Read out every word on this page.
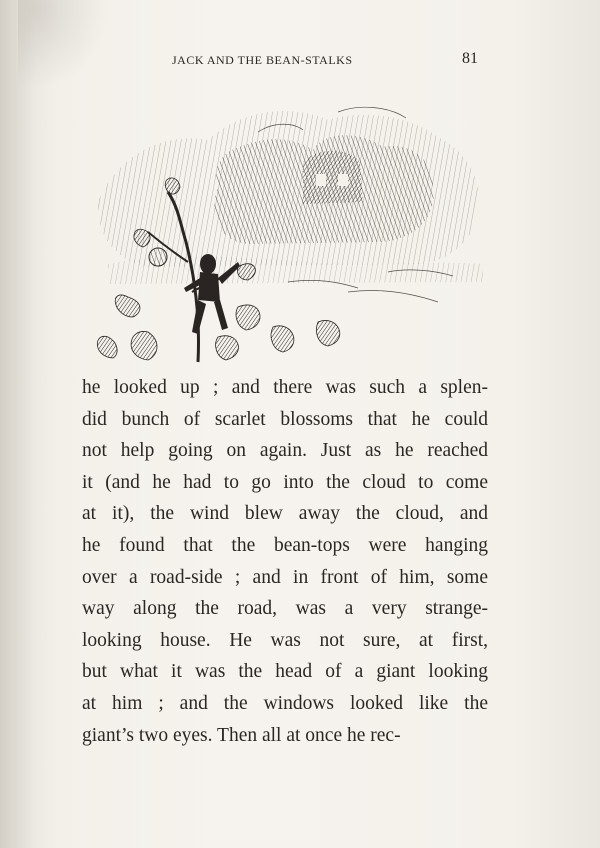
JACK AND THE BEAN-STALKS	81
he looked up ; and there was such a splen-
did bunch of scarlet blossoms that he could
not help going on again. Just as he reached
it (and he had to go into the cloud to come
at it), the wind blew away the cloud, and
he found that the bean-tops were hanging
over a road-side ; and in front of him, some
way along the road, was a very strange-
looking house. He was not sure, at first,
but what it was the head of a giant looking
at him ; and the windows looked like the
giant’s two eyes. Then all at once he rec-
